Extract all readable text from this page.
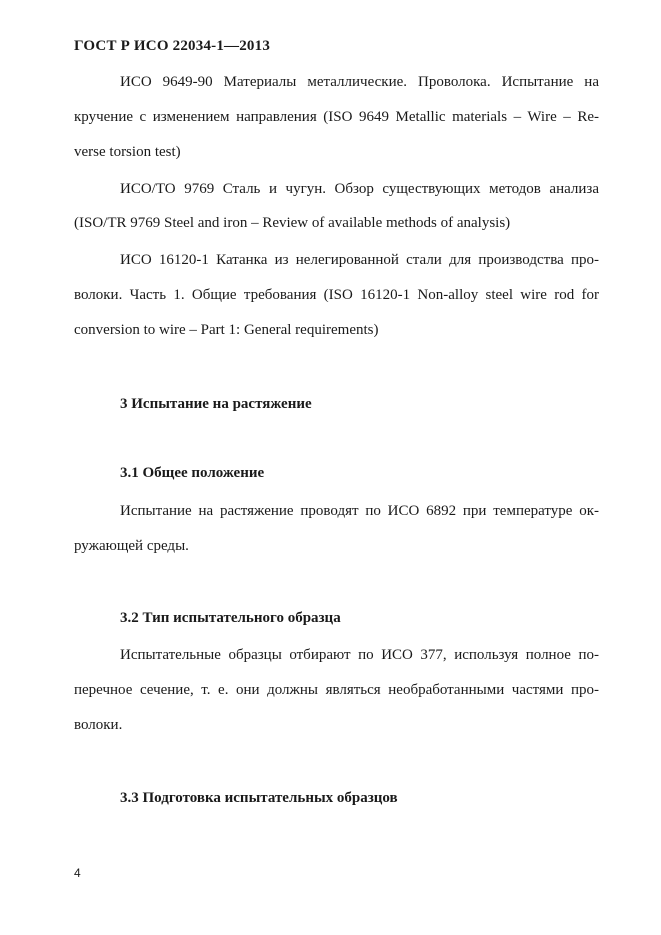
ГОСТ Р ИСО 22034-1—2013
ИСО 9649-90 Материалы металлические. Проволока. Испытание на
кручение с изменением направления (ISO 9649 Metallic materials – Wire – Re-
verse torsion test)
ИСО/ТО 9769 Сталь и чугун. Обзор существующих методов анализа
(ISO/TR 9769 Steel and iron – Review of available methods of analysis)
ИСО 16120-1 Катанка из нелегированной стали для производства про-
волоки. Часть 1. Общие требования (ISO 16120-1 Non-alloy steel wire rod for
conversion to wire – Part 1: General requirements)
3 Испытание на растяжение
3.1 Общее положение
Испытание на растяжение проводят по ИСО 6892 при температуре ок-
ружающей среды.
3.2 Тип испытательного образца
Испытательные образцы отбирают по ИСО 377, используя полное по-
перечное сечение, т. е. они должны являться необработанными частями про-
волоки.
3.3 Подготовка испытательных образцов
4
